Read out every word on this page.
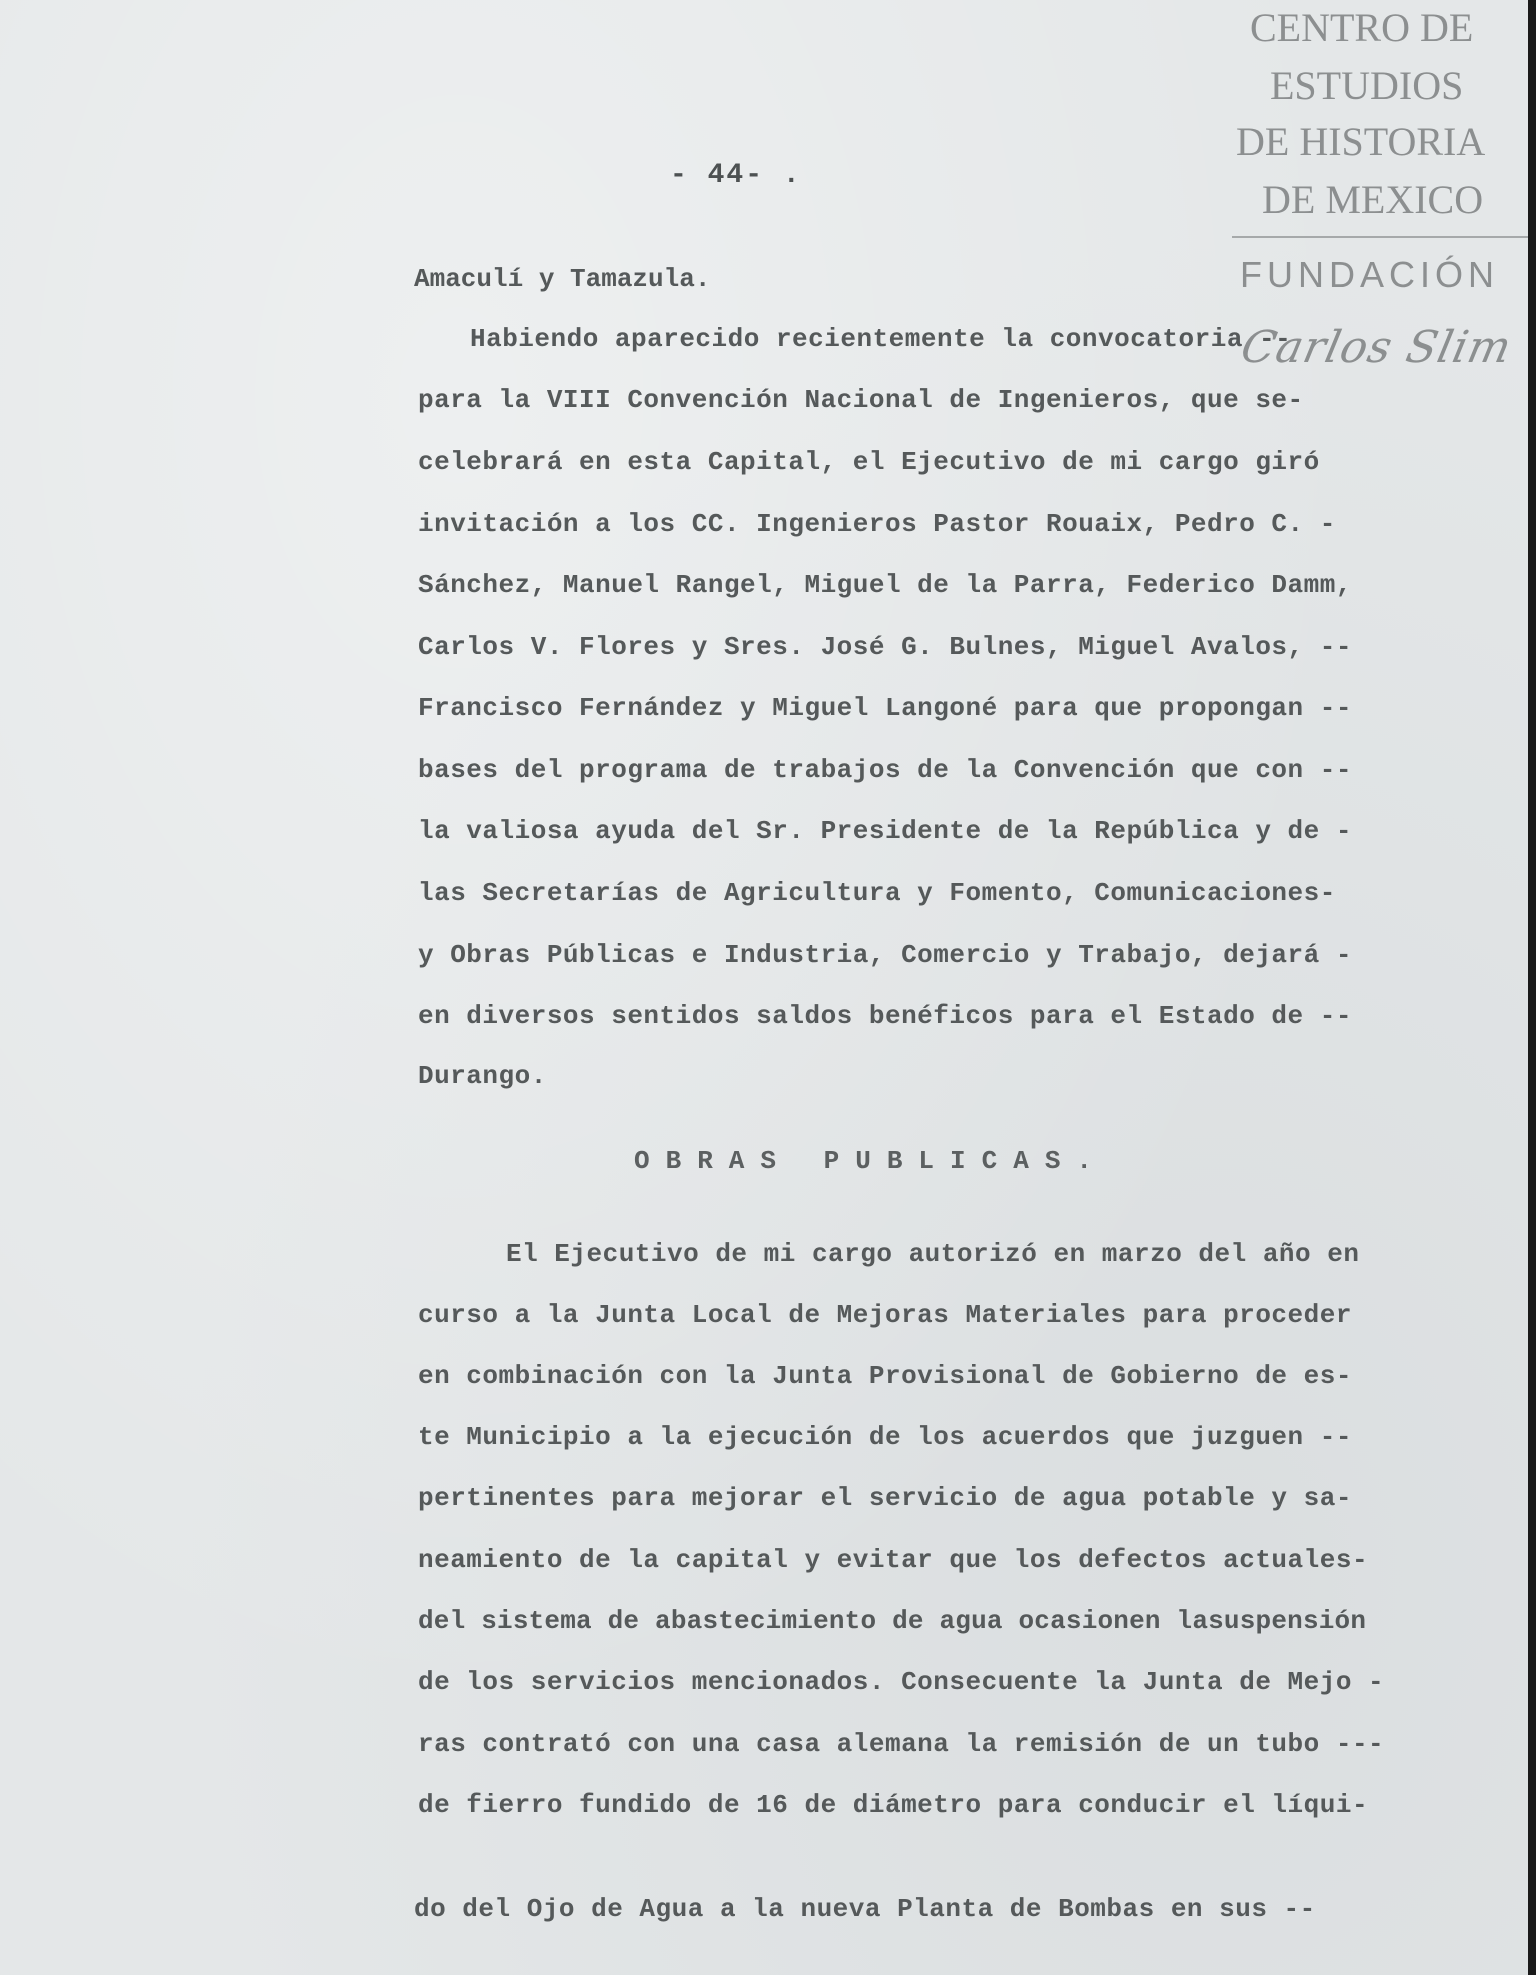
CENTRO DE
ESTUDIOS
DE HISTORIA
DE MEXICO
FUNDACIÓN
Carlos Slim
- 44- .
Amaculí y Tamazula.
Habiendo aparecido recientemente la convocatoria --
para la VIII Convención Nacional de Ingenieros, que se-
celebrará en esta Capital, el Ejecutivo de mi cargo giró
invitación a los CC. Ingenieros Pastor Rouaix, Pedro C. -
Sánchez, Manuel Rangel, Miguel de la Parra, Federico Damm,
Carlos V. Flores y Sres. José G. Bulnes, Miguel Avalos, --
Francisco Fernández y Miguel Langoné para que propongan --
bases del programa de trabajos de la Convención que con --
la valiosa ayuda del Sr. Presidente de la República y de -
las Secretarías de Agricultura y Fomento, Comunicaciones-
y Obras Públicas e Industria, Comercio y Trabajo, dejará -
en diversos sentidos saldos benéficos para el Estado de --
Durango.
OBRAS PUBLICAS.
El Ejecutivo de mi cargo autorizó en marzo del año en
curso a la Junta Local de Mejoras Materiales para proceder
en combinación con la Junta Provisional de Gobierno de es-
te Municipio a la ejecución de los acuerdos que juzguen --
pertinentes para mejorar el servicio de agua potable y sa-
neamiento de la capital y evitar que los defectos actuales-
del sistema de abastecimiento de agua ocasionen lasuspensión
de los servicios mencionados. Consecuente la Junta de Mejo -
ras contrató con una casa alemana la remisión de un tubo ---
de fierro fundido de 16 de diámetro para conducir el líqui-
do del Ojo de Agua a la nueva Planta de Bombas en sus --
